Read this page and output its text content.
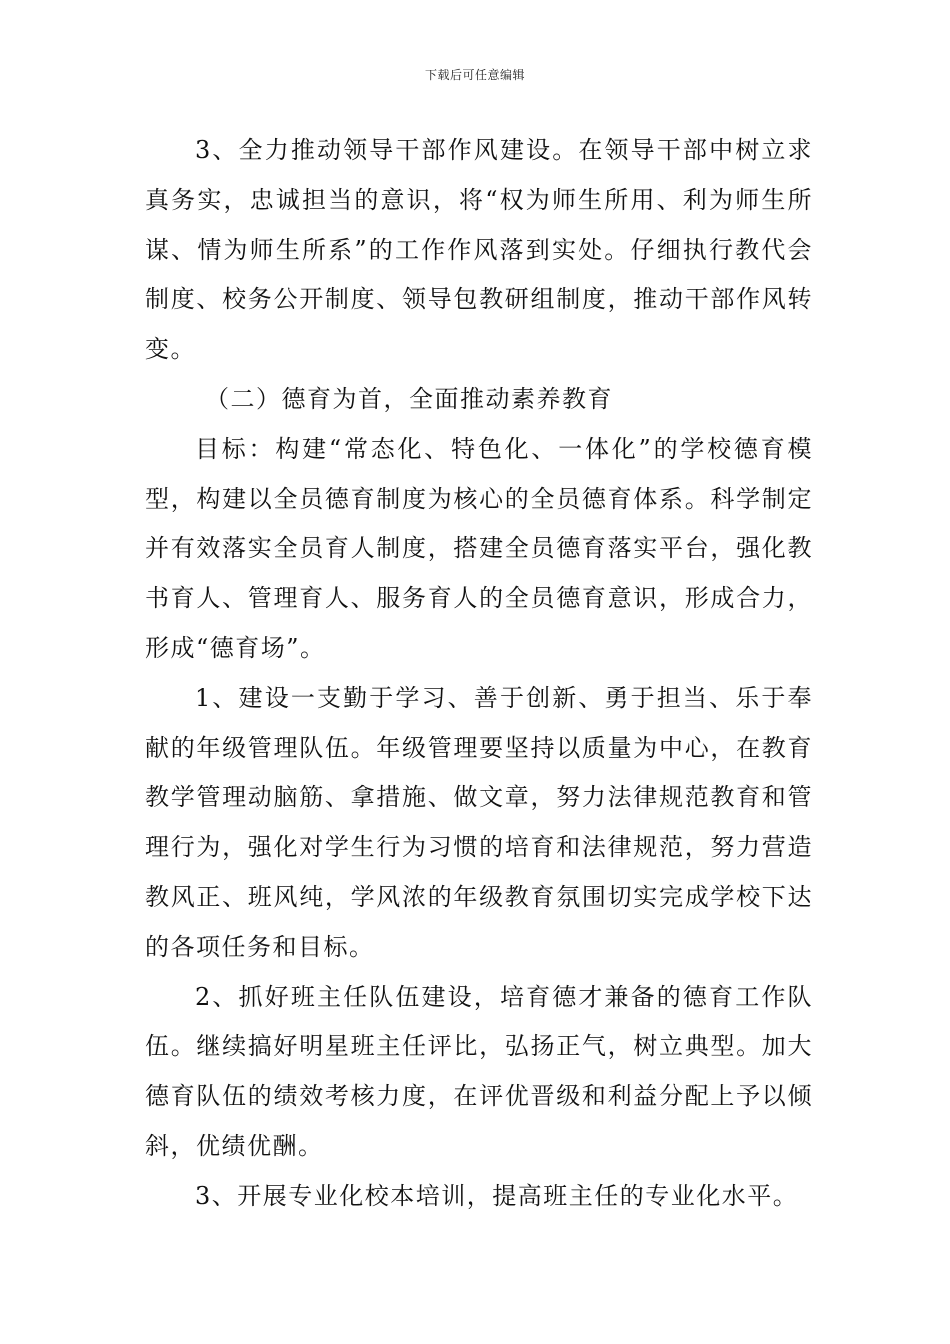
下载后可任意编辑

3、全力推动领导干部作风建设。在领导干部中树立求真务实，忠诚担当的意识，将“权为师生所用、利为师生所谋、情为师生所系”的工作作风落到实处。仔细执行教代会制度、校务公开制度、领导包教研组制度，推动干部作风转变。

（二）德育为首，全面推动素养教育

目标：构建“常态化、特色化、一体化”的学校德育模型，构建以全员德育制度为核心的全员德育体系。科学制定并有效落实全员育人制度，搭建全员德育落实平台，强化教书育人、管理育人、服务育人的全员德育意识，形成合力，形成“德育场”。

1、建设一支勤于学习、善于创新、勇于担当、乐于奉献的年级管理队伍。年级管理要坚持以质量为中心，在教育教学管理动脑筋、拿措施、做文章，努力法律规范教育和管理行为，强化对学生行为习惯的培育和法律规范，努力营造教风正、班风纯，学风浓的年级教育氛围切实完成学校下达的各项任务和目标。

2、抓好班主任队伍建设，培育德才兼备的德育工作队伍。继续搞好明星班主任评比，弘扬正气，树立典型。加大德育队伍的绩效考核力度，在评优晋级和利益分配上予以倾斜，优绩优酬。

3、开展专业化校本培训，提高班主任的专业化水平。
